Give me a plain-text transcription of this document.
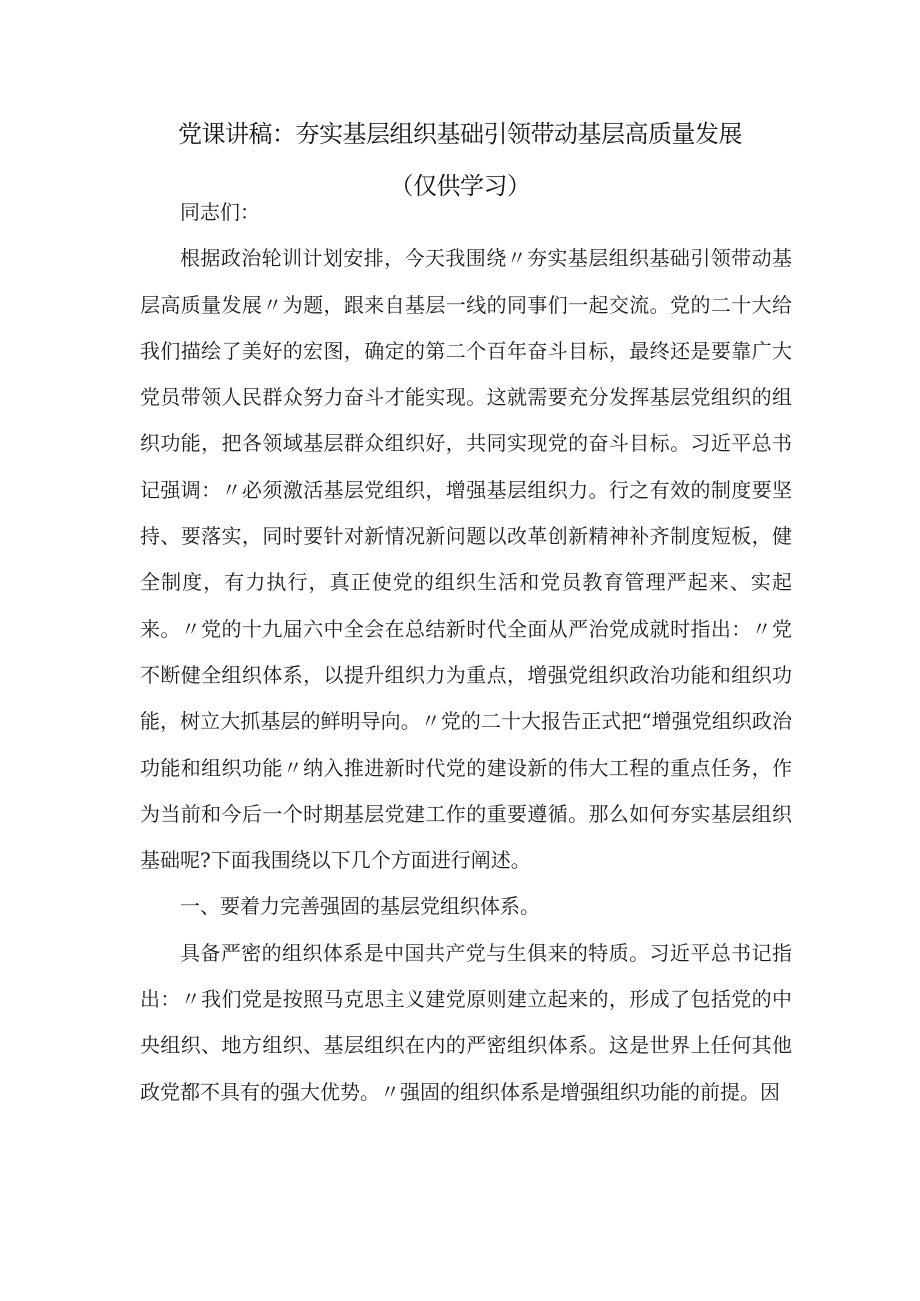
党课讲稿：夯实基层组织基础引领带动基层高质量发展
（仅供学习）

同志们：

根据政治轮训计划安排，今天我围绕〃夯实基层组织基础引领带动基层高质量发展〃为题，跟来自基层一线的同事们一起交流。党的二十大给我们描绘了美好的宏图，确定的第二个百年奋斗目标，最终还是要靠广大党员带领人民群众努力奋斗才能实现。这就需要充分发挥基层党组织的组织功能，把各领域基层群众组织好，共同实现党的奋斗目标。习近平总书记强调：〃必须激活基层党组织，增强基层组织力。行之有效的制度要坚持、要落实，同时要针对新情况新问题以改革创新精神补齐制度短板，健全制度，有力执行，真正使党的组织生活和党员教育管理严起来、实起来。〃党的十九届六中全会在总结新时代全面从严治党成就时指出：〃党不断健全组织体系，以提升组织力为重点，增强党组织政治功能和组织功能，树立大抓基层的鲜明导向。〃党的二十大报告正式把“增强党组织政治功能和组织功能〃纳入推进新时代党的建设新的伟大工程的重点任务，作为当前和今后一个时期基层党建工作的重要遵循。那么如何夯实基层组织基础呢?下面我围绕以下几个方面进行阐述。

一、要着力完善强固的基层党组织体系。

具备严密的组织体系是中国共产党与生俱来的特质。习近平总书记指出：〃我们党是按照马克思主义建党原则建立起来的，形成了包括党的中央组织、地方组织、基层组织在内的严密组织体系。这是世界上任何其他政党都不具有的强大优势。〃强固的组织体系是增强组织功能的前提。因
